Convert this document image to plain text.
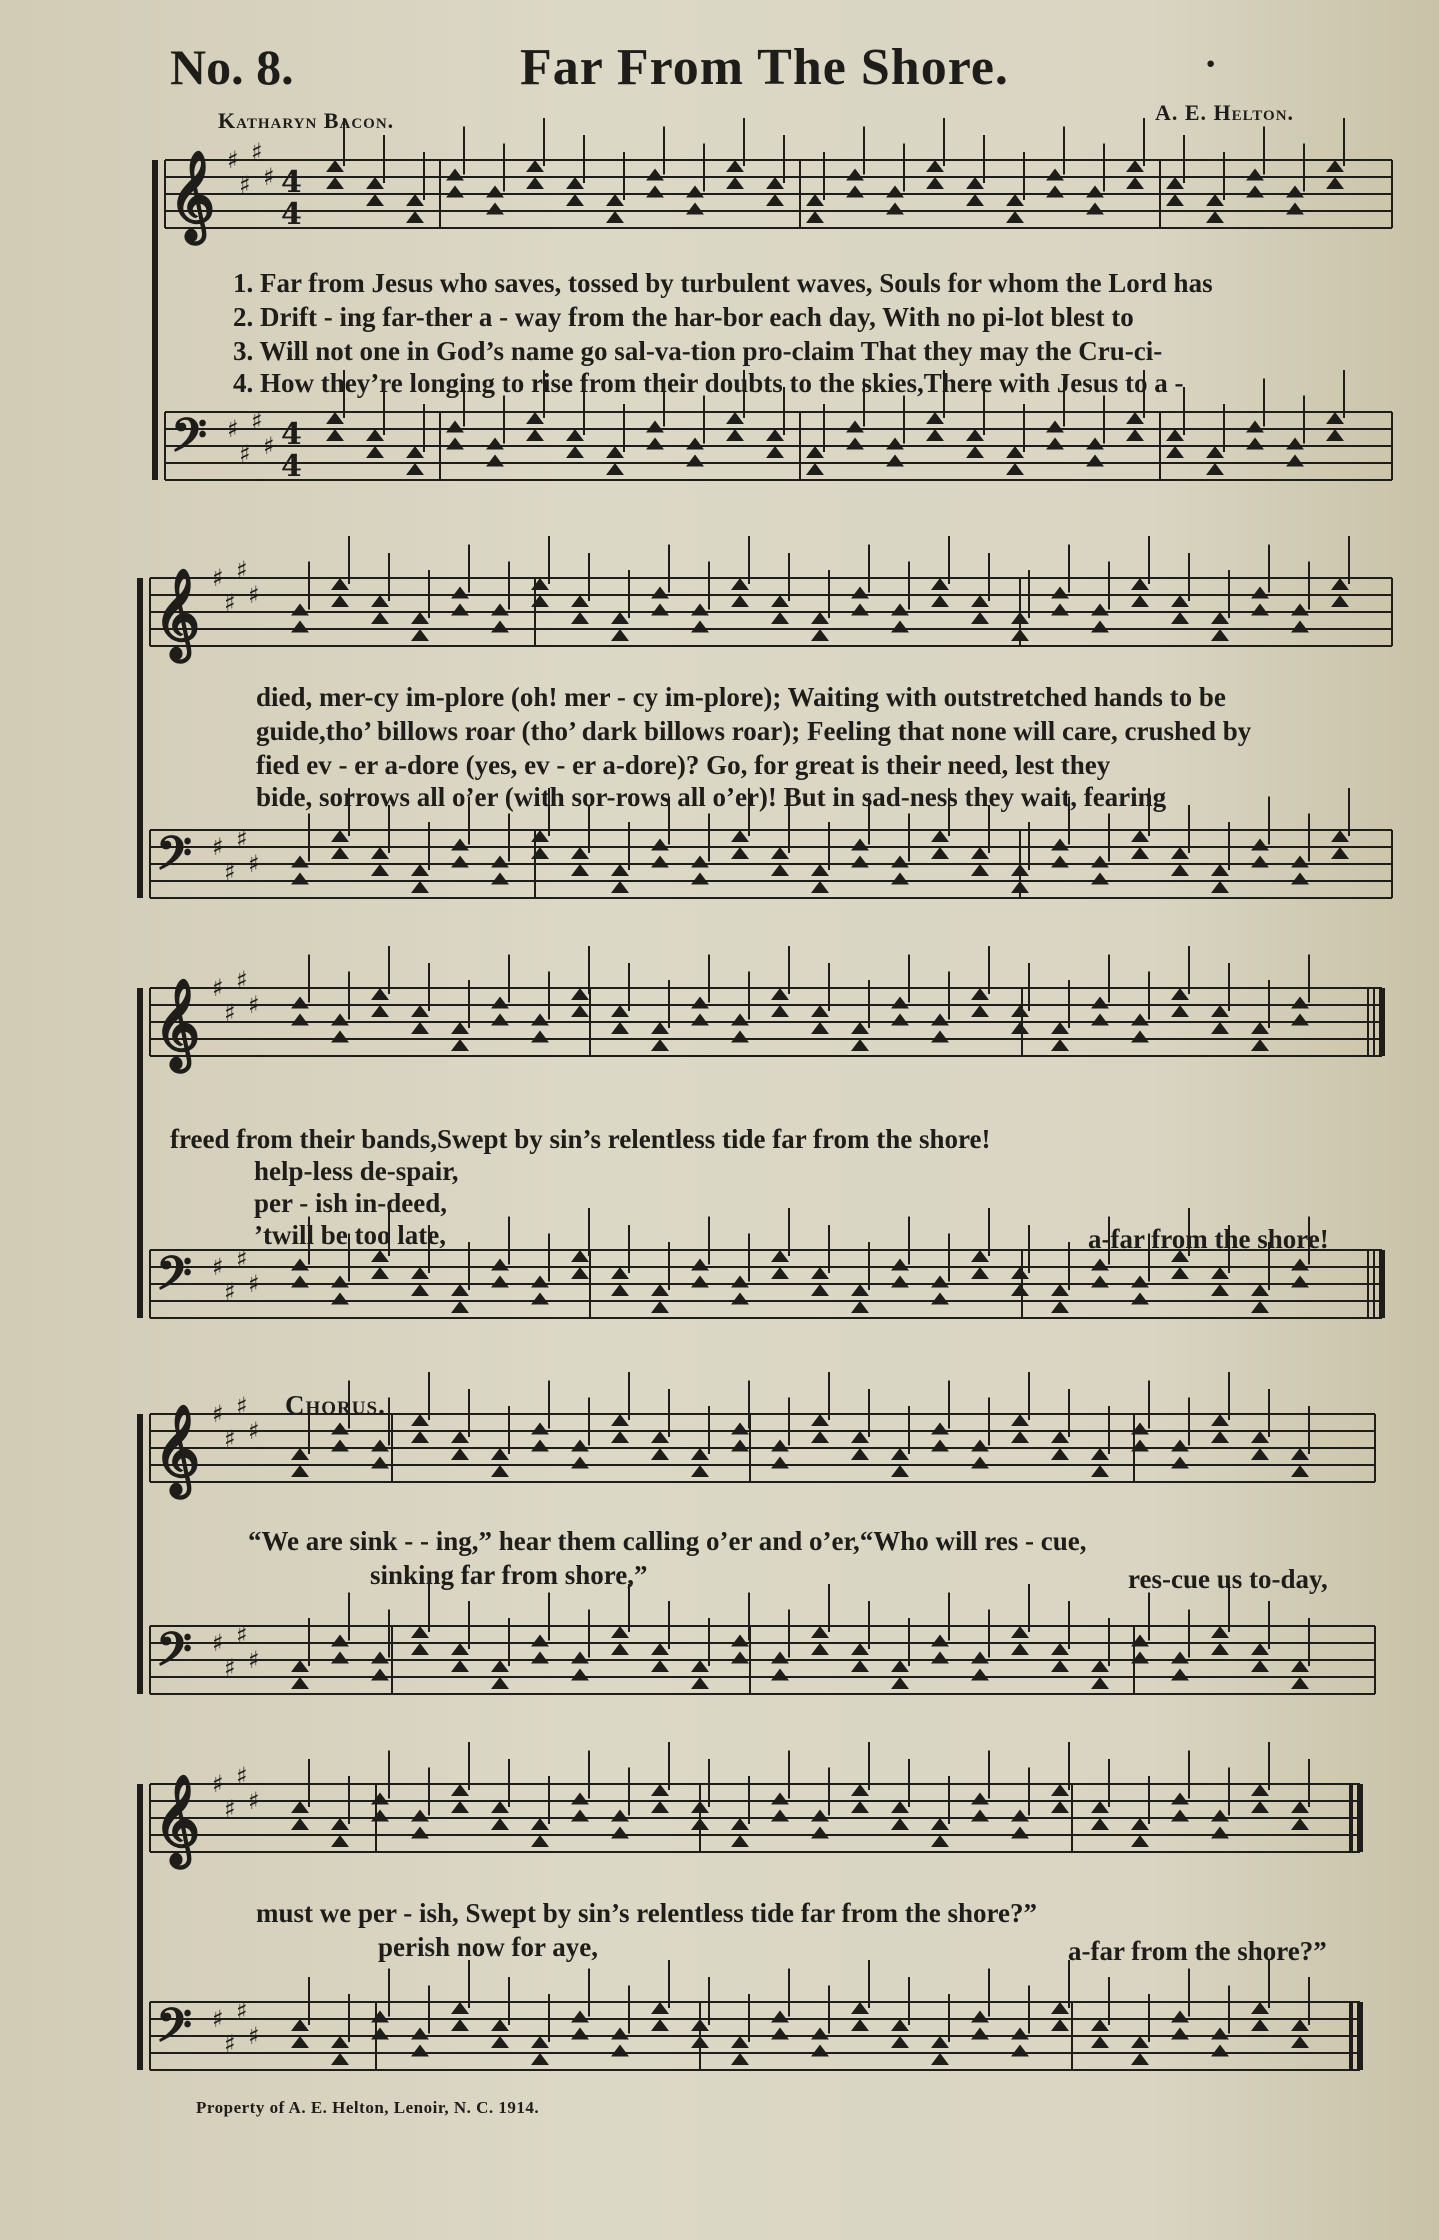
No. 8.	Far From The Shore.	·
Katharyn Bacon.	A. E. Helton.
𝄞 ♯
♯
♯
♯ 4
4
𝄢 ♯
♯
♯
♯ 4
4
𝄞 ♯
♯
♯
♯
𝄢 ♯
♯
♯
♯
𝄞 ♯
♯
♯
♯
𝄢 ♯
♯
♯
♯
𝄞 ♯
♯
♯
♯
𝄢 ♯
♯
♯
♯
𝄞 ♯
♯
♯
♯
𝄢 ♯
♯
♯
♯
1. Far from Jesus who saves, tossed by turbulent waves, Souls for whom the Lord has
2. Drift - ing far-ther a - way from the har-bor each day, With no pi-lot blest to
3. Will not one in God’s name go sal-va-tion pro-claim That they may the Cru-ci-
4. How they’re longing to rise from their doubts to the skies,There with Jesus to a -
died, mer-cy im-plore (oh! mer - cy im-plore); Waiting with outstretched hands to be
guide,tho’ billows roar (tho’ dark billows roar); Feeling that none will care, crushed by
fied ev - er a-dore (yes, ev - er a-dore)? Go, for great is their need, lest they
bide, sorrows all o’er (with sor-rows all o’er)! But in sad-ness they wait, fearing
freed from their bands,Swept by sin’s relentless tide far from the shore!
help-less de-spair,
per - ish in-deed,
’twill be too late,	a-far from the shore!
Chorus.
“We are sink - - ing,” hear them calling o’er and o’er,“Who will res - cue,
sinking far from shore,”	res-cue us to-day,
must we per - ish, Swept by sin’s relentless tide far from the shore?”
perish now for aye,	a-far from the shore?”
Property of A. E. Helton, Lenoir, N. C. 1914.
